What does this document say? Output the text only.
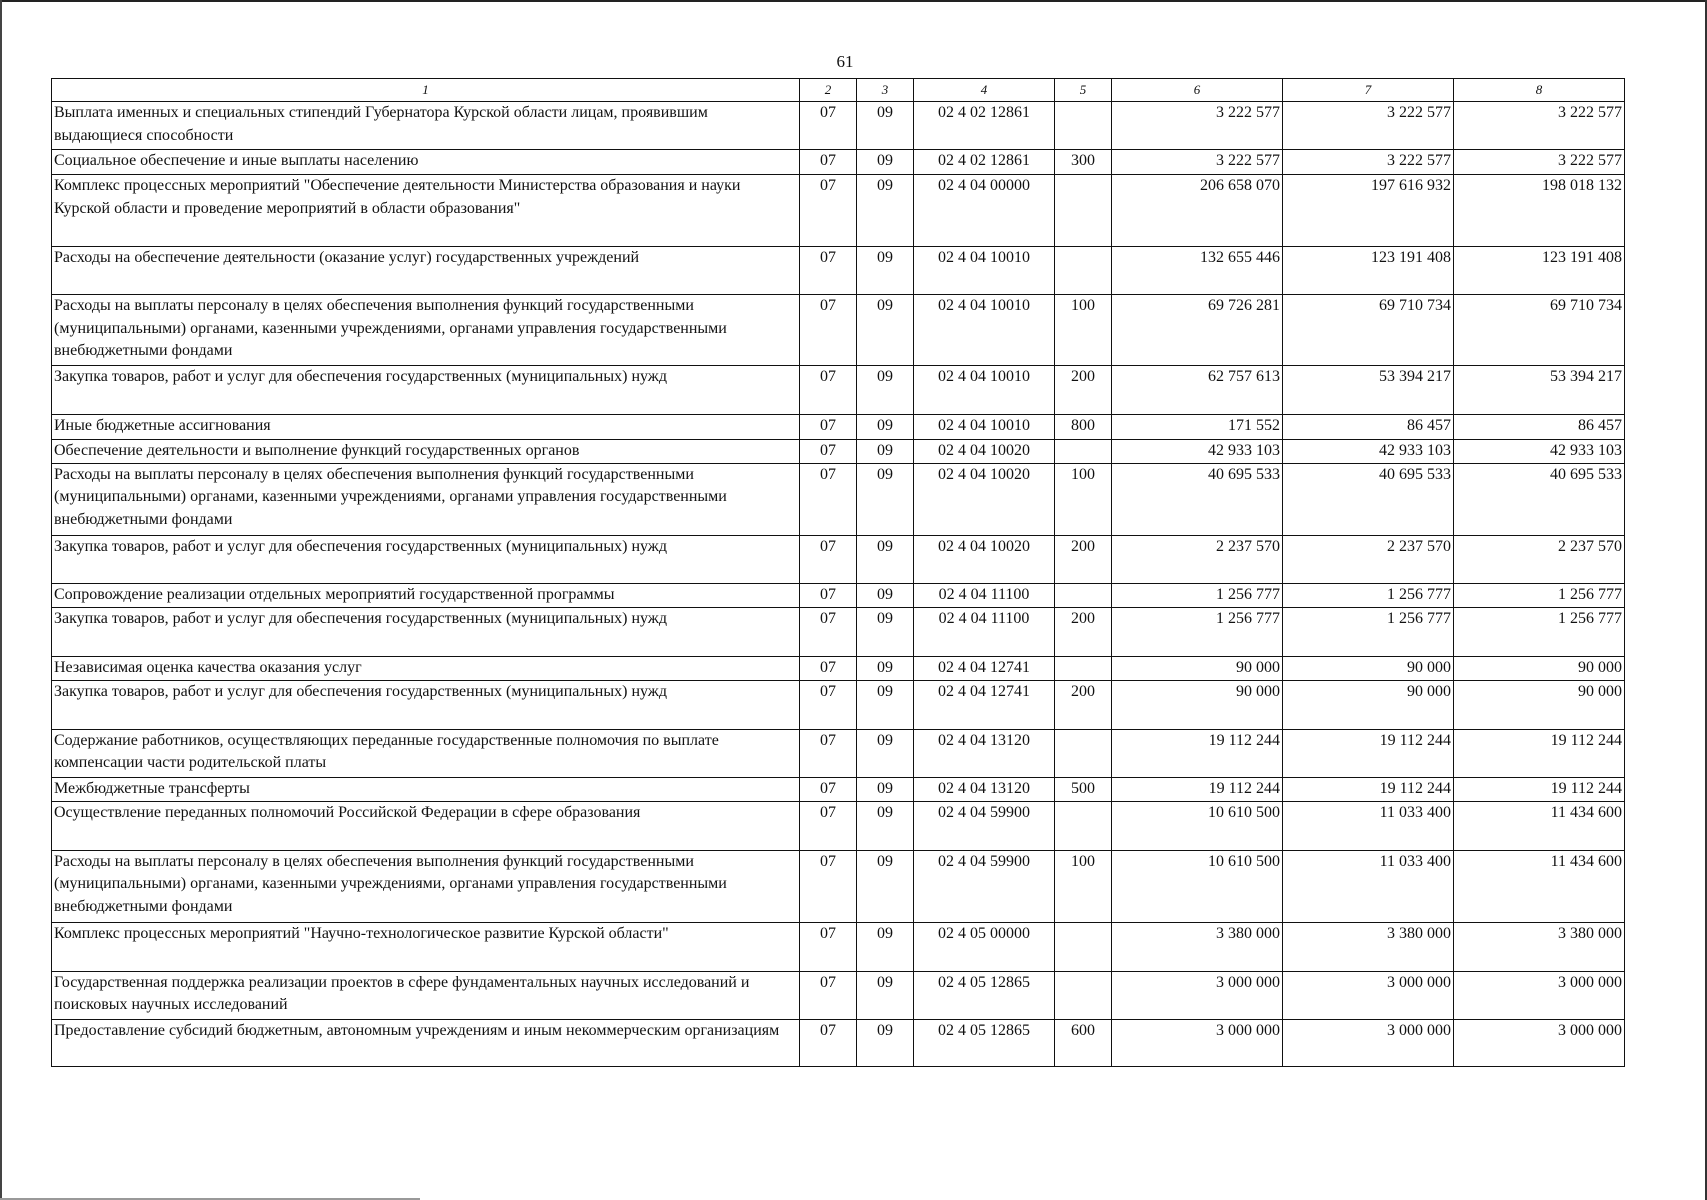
61
1	2	3	4	5	6	7	8
Выплата именных и специальных стипендий Губернатора Курской области лицам, проявившим выдающиеся способности	07	09	02 4 02 12861		3 222 577	3 222 577	3 222 577
Социальное обеспечение и иные выплаты населению	07	09	02 4 02 12861	300	3 222 577	3 222 577	3 222 577
Комплекс процессных мероприятий "Обеспечение деятельности Министерства образования и науки Курской области и проведение мероприятий в области образования"	07	09	02 4 04 00000		206 658 070	197 616 932	198 018 132
Расходы на обеспечение деятельности (оказание услуг) государственных учреждений	07	09	02 4 04 10010		132 655 446	123 191 408	123 191 408
Расходы на выплаты персоналу в целях обеспечения выполнения функций государственными (муниципальными) органами, казенными учреждениями, органами управления государственными внебюджетными фондами	07	09	02 4 04 10010	100	69 726 281	69 710 734	69 710 734
Закупка товаров, работ и услуг для обеспечения государственных (муниципальных) нужд	07	09	02 4 04 10010	200	62 757 613	53 394 217	53 394 217
Иные бюджетные ассигнования	07	09	02 4 04 10010	800	171 552	86 457	86 457
Обеспечение деятельности и выполнение функций государственных органов	07	09	02 4 04 10020		42 933 103	42 933 103	42 933 103
Расходы на выплаты персоналу в целях обеспечения выполнения функций государственными (муниципальными) органами, казенными учреждениями, органами управления государственными внебюджетными фондами	07	09	02 4 04 10020	100	40 695 533	40 695 533	40 695 533
Закупка товаров, работ и услуг для обеспечения государственных (муниципальных) нужд	07	09	02 4 04 10020	200	2 237 570	2 237 570	2 237 570
Сопровождение реализации отдельных мероприятий государственной программы	07	09	02 4 04 11100		1 256 777	1 256 777	1 256 777
Закупка товаров, работ и услуг для обеспечения государственных (муниципальных) нужд	07	09	02 4 04 11100	200	1 256 777	1 256 777	1 256 777
Независимая оценка качества оказания услуг	07	09	02 4 04 12741		90 000	90 000	90 000
Закупка товаров, работ и услуг для обеспечения государственных (муниципальных) нужд	07	09	02 4 04 12741	200	90 000	90 000	90 000
Содержание работников, осуществляющих переданные государственные полномочия по выплате компенсации части родительской платы	07	09	02 4 04 13120		19 112 244	19 112 244	19 112 244
Межбюджетные трансферты	07	09	02 4 04 13120	500	19 112 244	19 112 244	19 112 244
Осуществление переданных полномочий Российской Федерации в сфере образования	07	09	02 4 04 59900		10 610 500	11 033 400	11 434 600
Расходы на выплаты персоналу в целях обеспечения выполнения функций государственными (муниципальными) органами, казенными учреждениями, органами управления государственными внебюджетными фондами	07	09	02 4 04 59900	100	10 610 500	11 033 400	11 434 600
Комплекс процессных мероприятий "Научно-технологическое развитие Курской области"	07	09	02 4 05 00000		3 380 000	3 380 000	3 380 000
Государственная поддержка реализации проектов в сфере фундаментальных научных исследований и поисковых научных исследований	07	09	02 4 05 12865		3 000 000	3 000 000	3 000 000
Предоставление субсидий бюджетным, автономным учреждениям и иным некоммерческим организациям	07	09	02 4 05 12865	600	3 000 000	3 000 000	3 000 000
